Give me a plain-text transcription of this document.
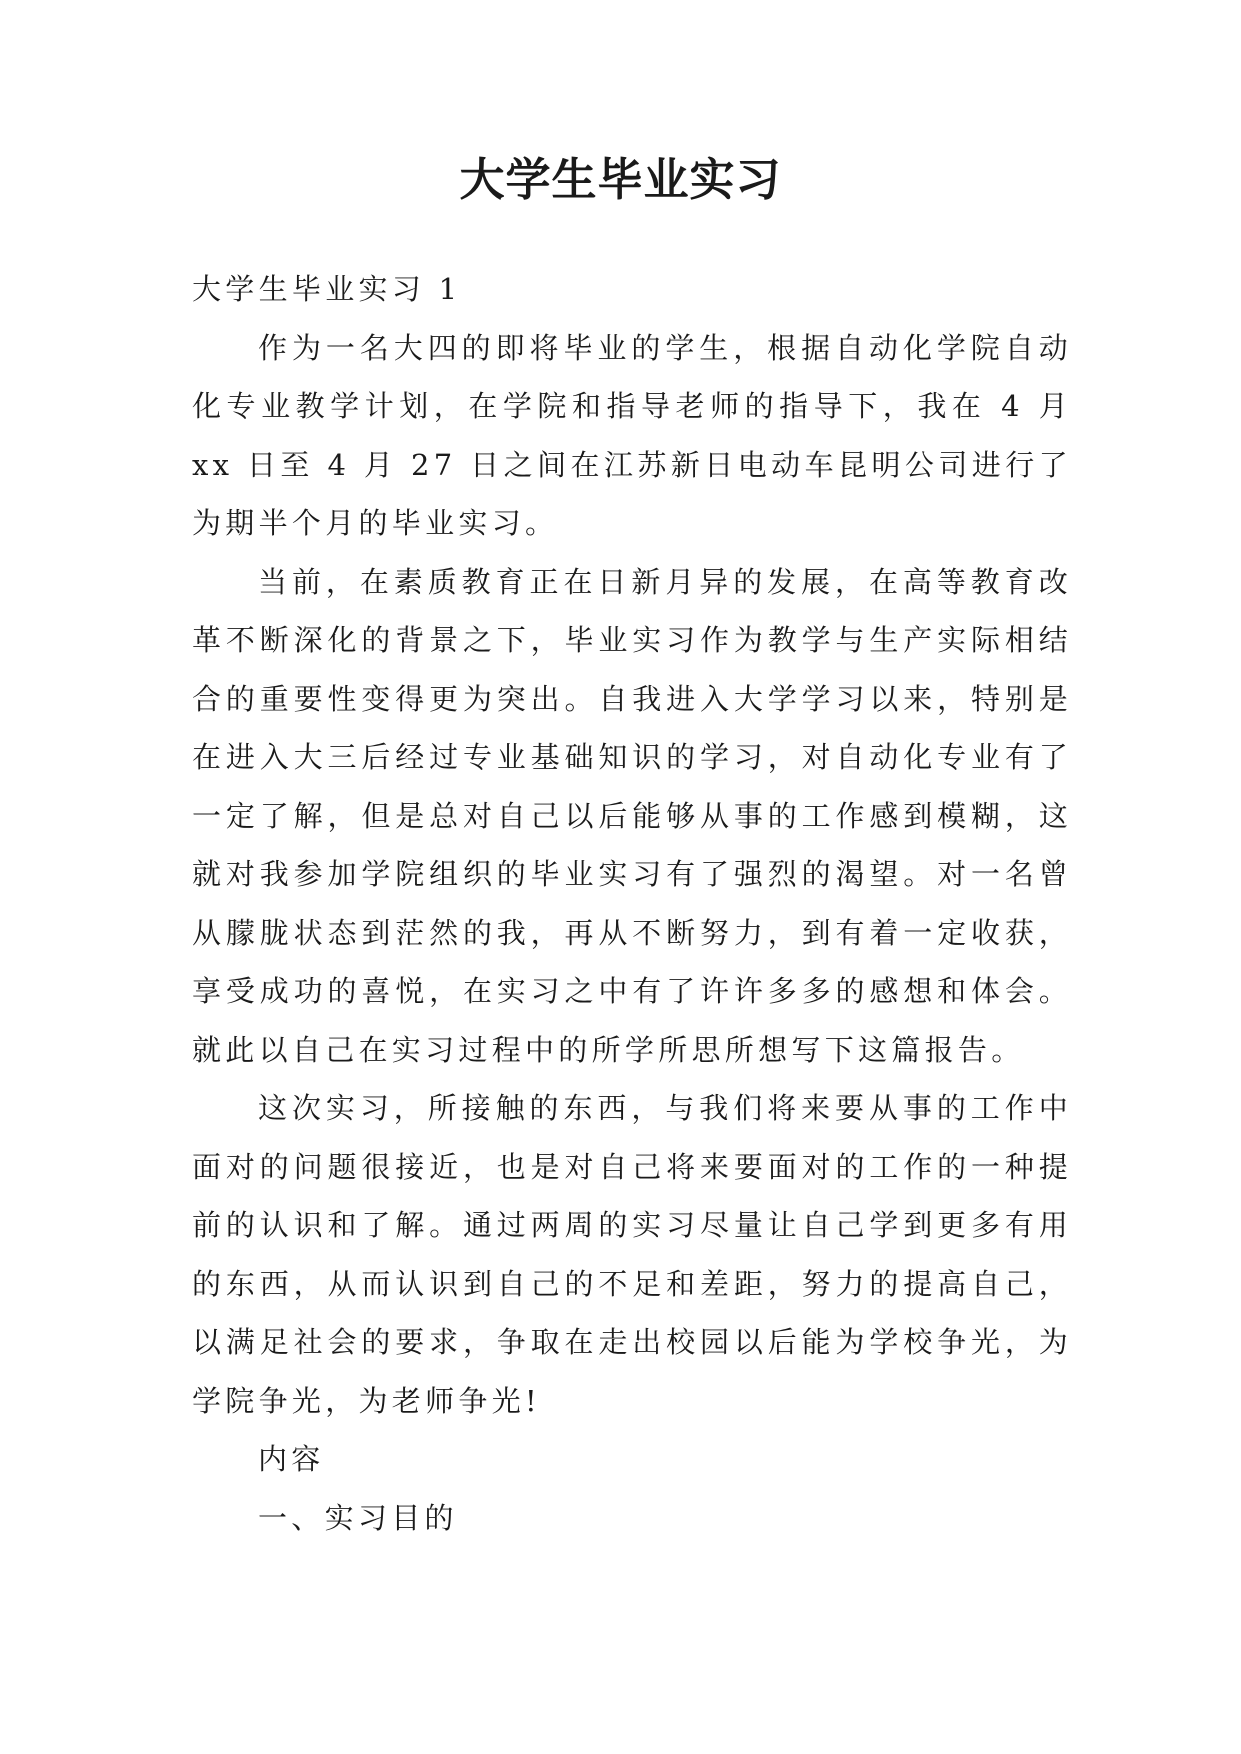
大学生毕业实习

大学生毕业实习 1

作为一名大四的即将毕业的学生，根据自动化学院自动化专业教学计划，在学院和指导老师的指导下，我在 4 月 xx 日至 4 月 27 日之间在江苏新日电动车昆明公司进行了为期半个月的毕业实习。

当前，在素质教育正在日新月异的发展，在高等教育改革不断深化的背景之下，毕业实习作为教学与生产实际相结合的重要性变得更为突出。自我进入大学学习以来，特别是在进入大三后经过专业基础知识的学习，对自动化专业有了一定了解，但是总对自己以后能够从事的工作感到模糊，这就对我参加学院组织的毕业实习有了强烈的渴望。对一名曾从朦胧状态到茫然的我，再从不断努力，到有着一定收获，享受成功的喜悦，在实习之中有了许许多多的感想和体会。就此以自己在实习过程中的所学所思所想写下这篇报告。

这次实习，所接触的东西，与我们将来要从事的工作中面对的问题很接近，也是对自己将来要面对的工作的一种提前的认识和了解。通过两周的实习尽量让自己学到更多有用的东西，从而认识到自己的不足和差距，努力的提高自己，以满足社会的要求，争取在走出校园以后能为学校争光，为学院争光，为老师争光!

内容

一、实习目的
